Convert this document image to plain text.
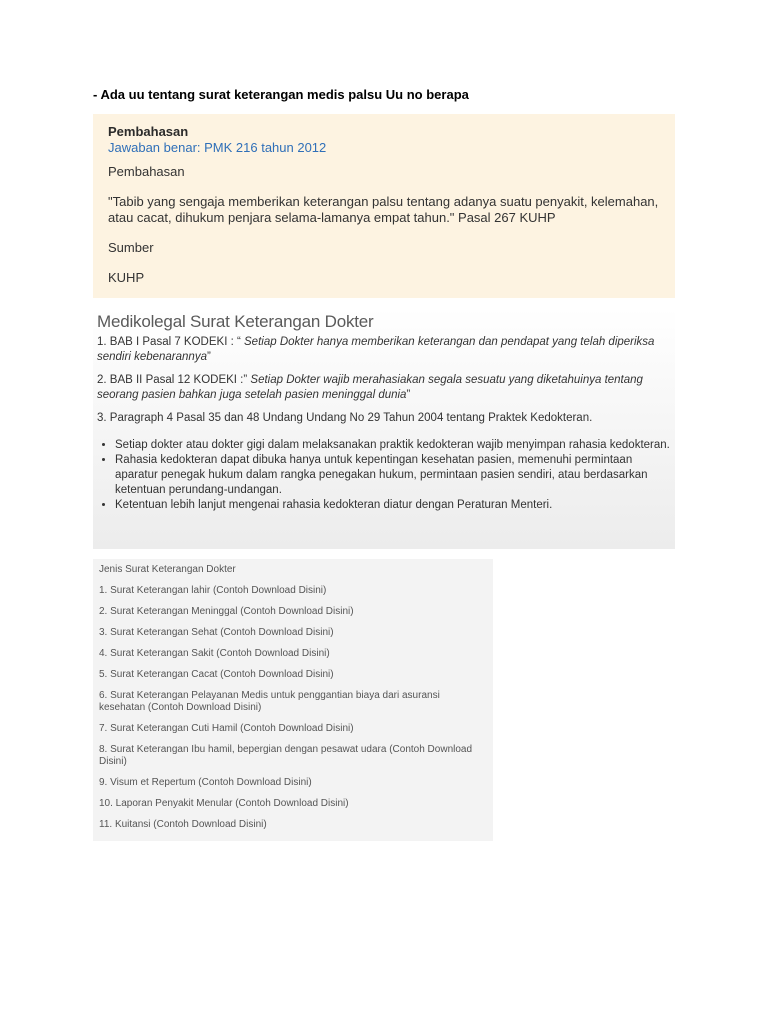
- Ada uu tentang surat keterangan medis palsu Uu no berapa
Pembahasan
Jawaban benar: PMK 216 tahun 2012

Pembahasan

"Tabib yang sengaja memberikan keterangan palsu tentang adanya suatu penyakit, kelemahan, atau cacat, dihukum penjara selama-lamanya empat tahun." Pasal 267 KUHP

Sumber

KUHP

Medikolegal Surat Keterangan Dokter
1. BAB I Pasal 7 KODEKI : “ Setiap Dokter hanya memberikan keterangan dan pendapat yang telah diperiksa sendiri kebenarannya”
2. BAB II Pasal 12 KODEKI :” Setiap Dokter wajib merahasiakan segala sesuatu yang diketahuinya tentang seorang pasien bahkan juga setelah pasien meninggal dunia”
3. Paragraph 4 Pasal 35 dan 48 Undang Undang No 29 Tahun 2004 tentang Praktek Kedokteran.
• Setiap dokter atau dokter gigi dalam melaksanakan praktik kedokteran wajib menyimpan rahasia kedokteran.
• Rahasia kedokteran dapat dibuka hanya untuk kepentingan kesehatan pasien, memenuhi permintaan aparatur penegak hukum dalam rangka penegakan hukum, permintaan pasien sendiri, atau berdasarkan ketentuan perundang-undangan.
• Ketentuan lebih lanjut mengenai rahasia kedokteran diatur dengan Peraturan Menteri.
Jenis Surat Keterangan Dokter
1. Surat Keterangan lahir (Contoh Download Disini)
2. Surat Keterangan Meninggal (Contoh Download Disini)
3. Surat Keterangan Sehat (Contoh Download Disini)
4. Surat Keterangan Sakit (Contoh Download Disini)
5. Surat Keterangan Cacat (Contoh Download Disini)
6. Surat Keterangan Pelayanan Medis untuk penggantian biaya dari asuransi kesehatan (Contoh Download Disini)
7. Surat Keterangan Cuti Hamil (Contoh Download Disini)
8. Surat Keterangan Ibu hamil, bepergian dengan pesawat udara (Contoh Download Disini)
9. Visum et Repertum (Contoh Download Disini)
10. Laporan Penyakit Menular (Contoh Download Disini)
11. Kuitansi (Contoh Download Disini)
